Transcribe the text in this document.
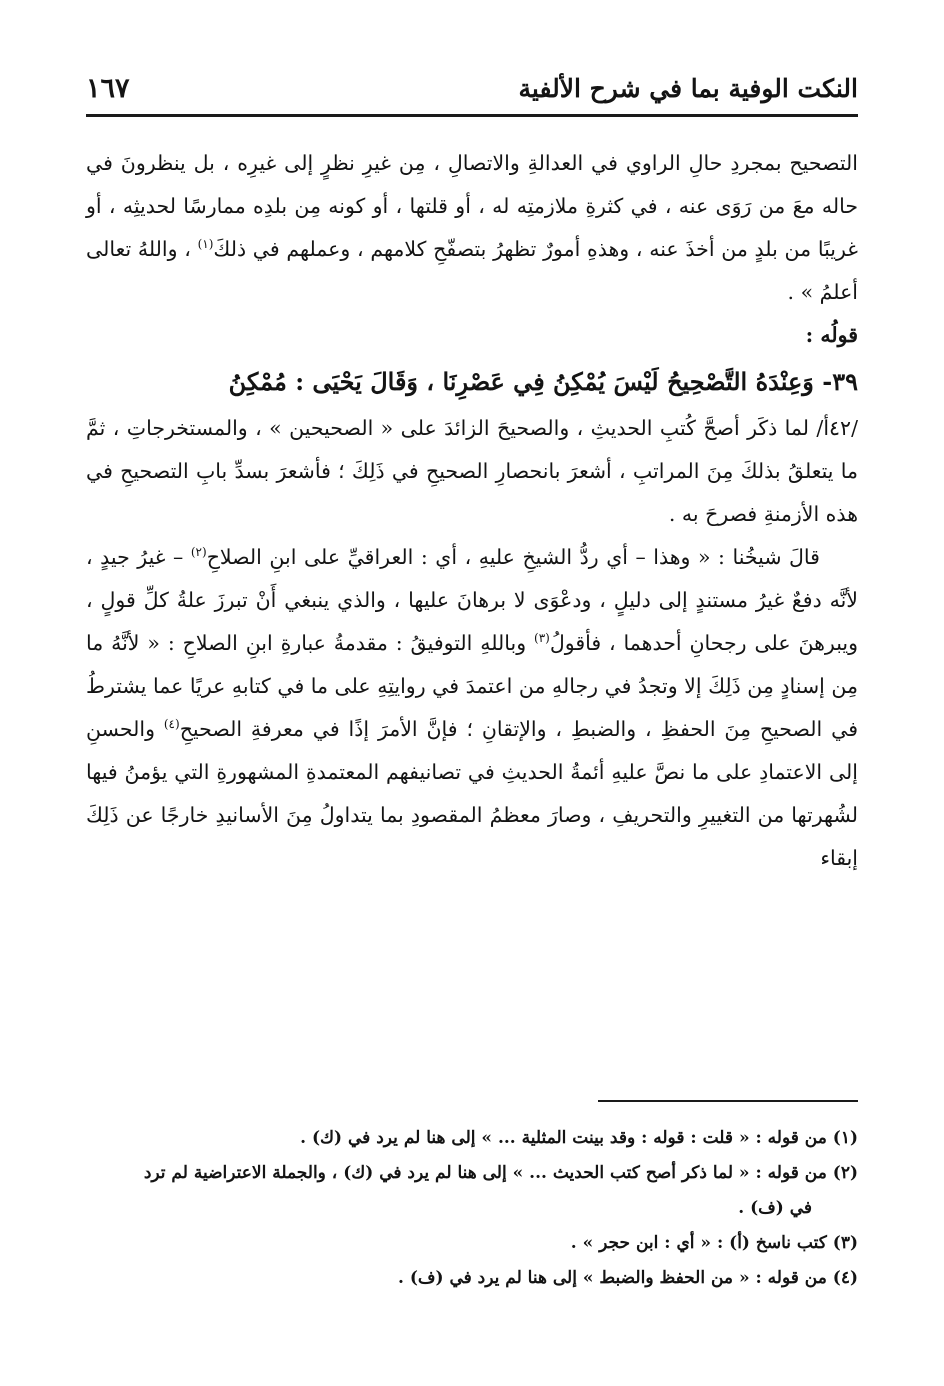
النكت الوفية بما في شرح الألفية
١٦٧

التصحيح بمجردِ حالِ الراوي في العدالةِ والاتصالِ ، مِن غيرِ نظرٍ إلى غيرِه ، بل ينظرونَ في حاله معَ من رَوَى عنه ، في كثرةِ ملازمتِه له ، أو قلتها ، أو كونه مِن بلدِه ممارسًا لحديثِه ، أو غريبًا من بلدٍ من أخذَ عنه ، وهذهِ أمورٌ تظهرُ بتصفّحِ كلامهم ، وعملهم في ذلكَ$^{(١)}$ ، واللهُ تعالى أعلمُ » .

قولُه :

٣٩- وَعِنْدَهُ التَّصْحِيحُ لَيْسَ يُمْكِنُ فِي عَصْرِنَا ، وَقَالَ يَحْيَى : مُمْكِنُ

/٤٢أ/ لما ذكَر أصحَّ كُتبِ الحديثِ ، والصحيحَ الزائدَ على « الصحيحين » ، والمستخرجاتِ ، ثمَّ ما يتعلقُ بذلكَ مِنَ المراتبِ ، أشعرَ بانحصارِ الصحيحِ في ذَلِكَ ؛ فأشعرَ بسدِّ بابِ التصحيحِ في هذه الأزمنةِ فصرحَ به .

قالَ شيخُنا : « وهذا – أي ردُّ الشيخِ عليهِ ، أي : العراقيِّ على ابنِ الصلاحِ$^{(٢)}$ – غيرُ جيدٍ ، لأنَّه دفعٌ غيرُ مستندٍ إلى دليلٍ ، ودعْوَى لا برهانَ عليها ، والذي ينبغي أَنْ تبرزَ علةُ كلِّ قولٍ ، ويبرهنَ على رجحانِ أحدهما ، فأقولُ$^{(٣)}$ وباللهِ التوفيقُ : مقدمةُ عبارةِ ابنِ الصلاحِ : « لأنَّهُ ما مِن إسنادٍ مِن ذَلِكَ إلا وتجدُ في رجالهِ من اعتمدَ في روايتِهِ على ما في كتابهِ عريًا عما يشترطُ في الصحيحِ مِنَ الحفظِ ، والضبطِ ، والإتقانِ ؛ فإنَّ الأمرَ إذًا في معرفةِ الصحيحِ$^{(٤)}$ والحسنِ إلى الاعتمادِ على ما نصَّ عليهِ أئمةُ الحديثِ في تصانيفهم المعتمدةِ المشهورةِ التي يؤمنُ فيها لشُهرتها من التغييرِ والتحريفِ ، وصارَ معظمُ المقصودِ بما يتداولُ مِنَ الأسانيدِ خارجًا عن ذَلِكَ إبقاء

(١) من قوله : « قلت : قوله : وقد بينت المثلية ... » إلى هنا لم يرد في (ك) .

(٢) من قوله : « لما ذكر أصح كتب الحديث ... » إلى هنا لم يرد في (ك) ، والجملة الاعتراضية لم ترد

في (ف) .

(٣) كتب ناسخ (أ) : « أي : ابن حجر » .

(٤) من قوله : « من الحفظ والضبط » إلى هنا لم يرد في (ف) .
